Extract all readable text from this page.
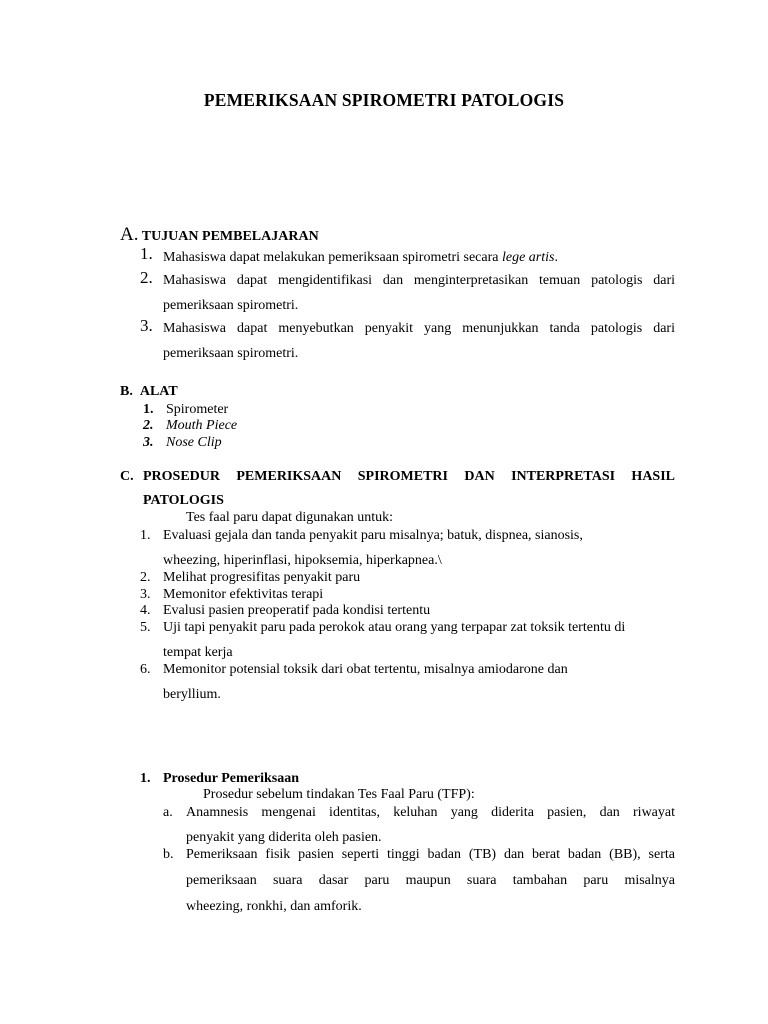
PEMERIKSAAN SPIROMETRI PATOLOGIS
A. TUJUAN PEMBELAJARAN
1. Mahasiswa dapat melakukan pemeriksaan spirometri secara lege artis.
2. Mahasiswa dapat mengidentifikasi dan menginterpretasikan temuan patologis dari
pemeriksaan spirometri.
3. Mahasiswa dapat menyebutkan penyakit yang menunjukkan tanda patologis dari
pemeriksaan spirometri.
B. ALAT
1. Spirometer
2. Mouth Piece
3. Nose Clip
C. PROSEDUR PEMERIKSAAN SPIROMETRI DAN INTERPRETASI HASIL
PATOLOGIS
Tes faal paru dapat digunakan untuk:
1. Evaluasi gejala dan tanda penyakit paru misalnya; batuk, dispnea, sianosis,
wheezing, hiperinflasi, hipoksemia, hiperkapnea.\
2. Melihat progresifitas penyakit paru
3. Memonitor efektivitas terapi
4. Evalusi pasien preoperatif pada kondisi tertentu
5. Uji tapi penyakit paru pada perokok atau orang yang terpapar zat toksik tertentu di
tempat kerja
6. Memonitor potensial toksik dari obat tertentu, misalnya amiodarone dan
beryllium.
1. Prosedur Pemeriksaan
Prosedur sebelum tindakan Tes Faal Paru (TFP):
a. Anamnesis mengenai identitas, keluhan yang diderita pasien, dan riwayat
penyakit yang diderita oleh pasien.
b. Pemeriksaan fisik pasien seperti tinggi badan (TB) dan berat badan (BB), serta
pemeriksaan suara dasar paru maupun suara tambahan paru misalnya
wheezing, ronkhi, dan amforik.
